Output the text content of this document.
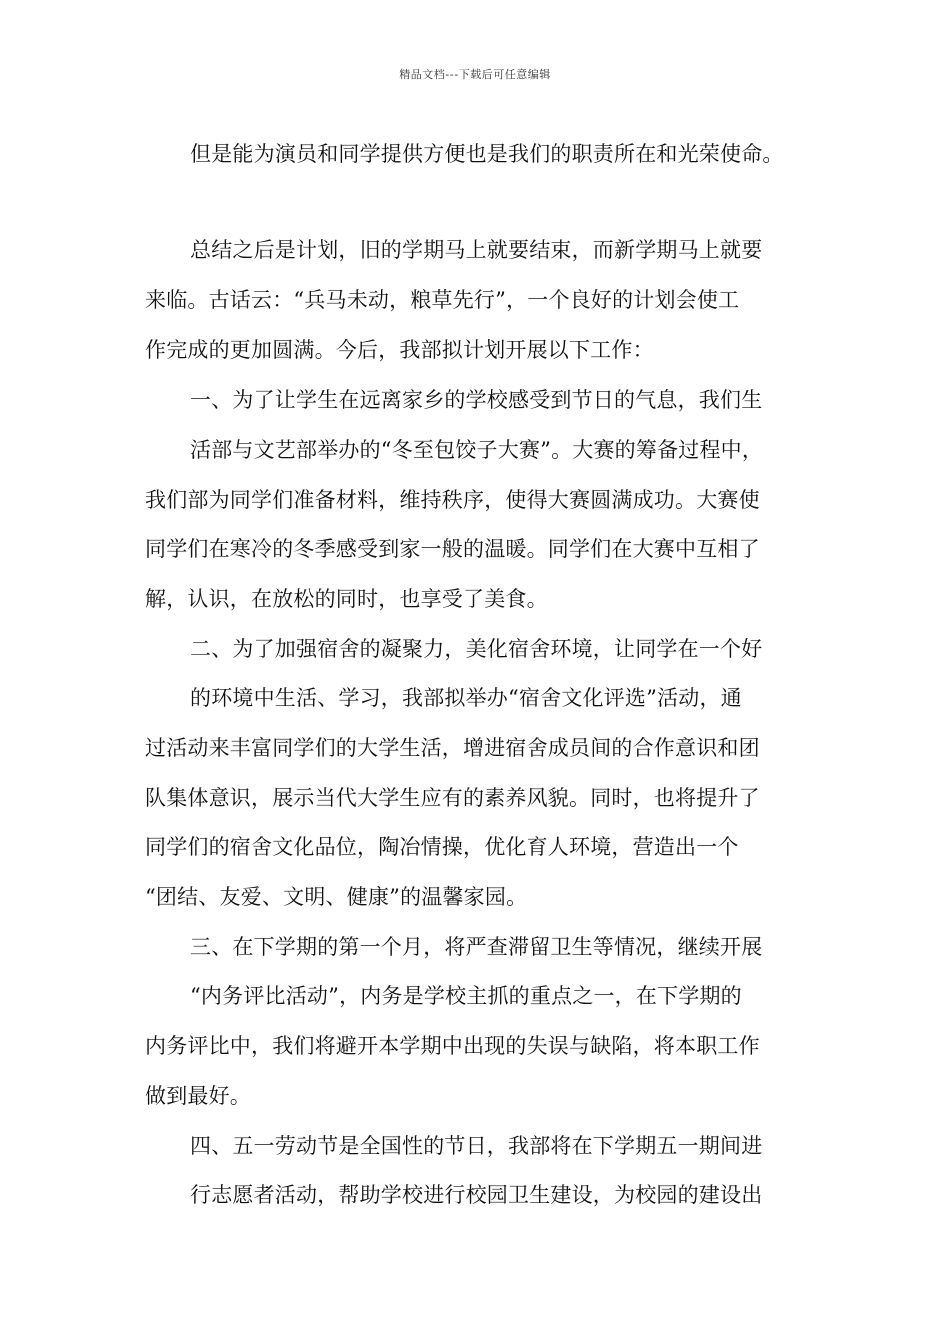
精品文档---下载后可任意编辑
但是能为演员和同学提供方便也是我们的职责所在和光荣使命。
总结之后是计划，旧的学期马上就要结束，而新学期马上就要
来临。古话云：“兵马未动，粮草先行”，一个良好的计划会使工
作完成的更加圆满。今后，我部拟计划开展以下工作：
一、为了让学生在远离家乡的学校感受到节日的气息，我们生
活部与文艺部举办的“冬至包饺子大赛”。大赛的筹备过程中，
我们部为同学们准备材料，维持秩序，使得大赛圆满成功。大赛使
同学们在寒冷的冬季感受到家一般的温暖。同学们在大赛中互相了
解，认识，在放松的同时，也享受了美食。
二、为了加强宿舍的凝聚力，美化宿舍环境，让同学在一个好
的环境中生活、学习，我部拟举办“宿舍文化评选”活动，通
过活动来丰富同学们的大学生活，增进宿舍成员间的合作意识和团
队集体意识，展示当代大学生应有的素养风貌。同时，也将提升了
同学们的宿舍文化品位，陶冶情操，优化育人环境，营造出一个
“团结、友爱、文明、健康”的温馨家园。
三、在下学期的第一个月，将严查滞留卫生等情况，继续开展
“内务评比活动”，内务是学校主抓的重点之一，在下学期的
内务评比中，我们将避开本学期中出现的失误与缺陷，将本职工作
做到最好。
四、五一劳动节是全国性的节日，我部将在下学期五一期间进
行志愿者活动，帮助学校进行校园卫生建设，为校园的建设出
